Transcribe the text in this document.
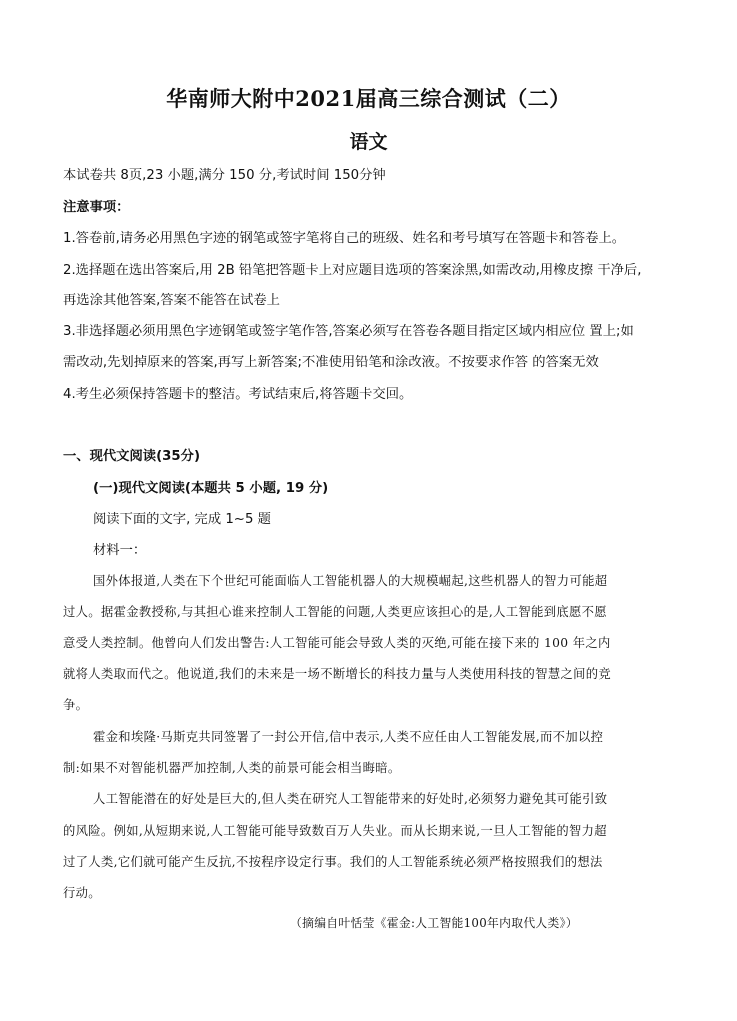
华南师大附中2021届高三综合测试（二）

语文

本试卷共 8页,23 小题,满分 150 分,考试时间 150分钟

注意事项：

1.答卷前,请务必用黑色字迹的钢笔或签字笔将自己的班级、姓名和考号填写在答题卡和答卷上。

2.选择题在选出答案后,用 2B 铅笔把答题卡上对应题目选项的答案涂黑,如需改动,用橡皮擦 干净后,

再选涂其他答案,答案不能答在试卷上

3.非选择题必须用黑色字迹钢笔或签字笔作答,答案必须写在答卷各题目指定区域内相应位 置上;如

需改动,先划掉原来的答案,再写上新答案;不准使用铅笔和涂改液。不按要求作答 的答案无效

4.考生必须保持答题卡的整洁。考试结束后,将答题卡交回。

一、现代文阅读(35分)

(一)现代文阅读(本题共 5 小题, 19 分)

阅读下面的文字, 完成 1~5 题

材料一：

国外体报道,人类在下个世纪可能面临人工智能机器人的大规模崛起,这些机器人的智力可能超

过人。据霍金教授称,与其担心谁来控制人工智能的问题,人类更应该担心的是,人工智能到底愿不愿

意受人类控制。他曾向人们发出警告:人工智能可能会导致人类的灭绝,可能在接下来的 100 年之内

就将人类取而代之。他说道,我们的未来是一场不断增长的科技力量与人类使用科技的智慧之间的竞

争。

霍金和埃隆·马斯克共同签署了一封公开信,信中表示,人类不应任由人工智能发展,而不加以控

制:如果不对智能机器严加控制,人类的前景可能会相当晦暗。

人工智能潜在的好处是巨大的,但人类在研究人工智能带来的好处时,必须努力避免其可能引致

的风险。例如,从短期来说,人工智能可能导致数百万人失业。而从长期来说,一旦人工智能的智力超

过了人类,它们就可能产生反抗,不按程序设定行事。我们的人工智能系统必须严格按照我们的想法

行动。

（摘编自叶恬莹《霍金:人工智能100年内取代人类》）
